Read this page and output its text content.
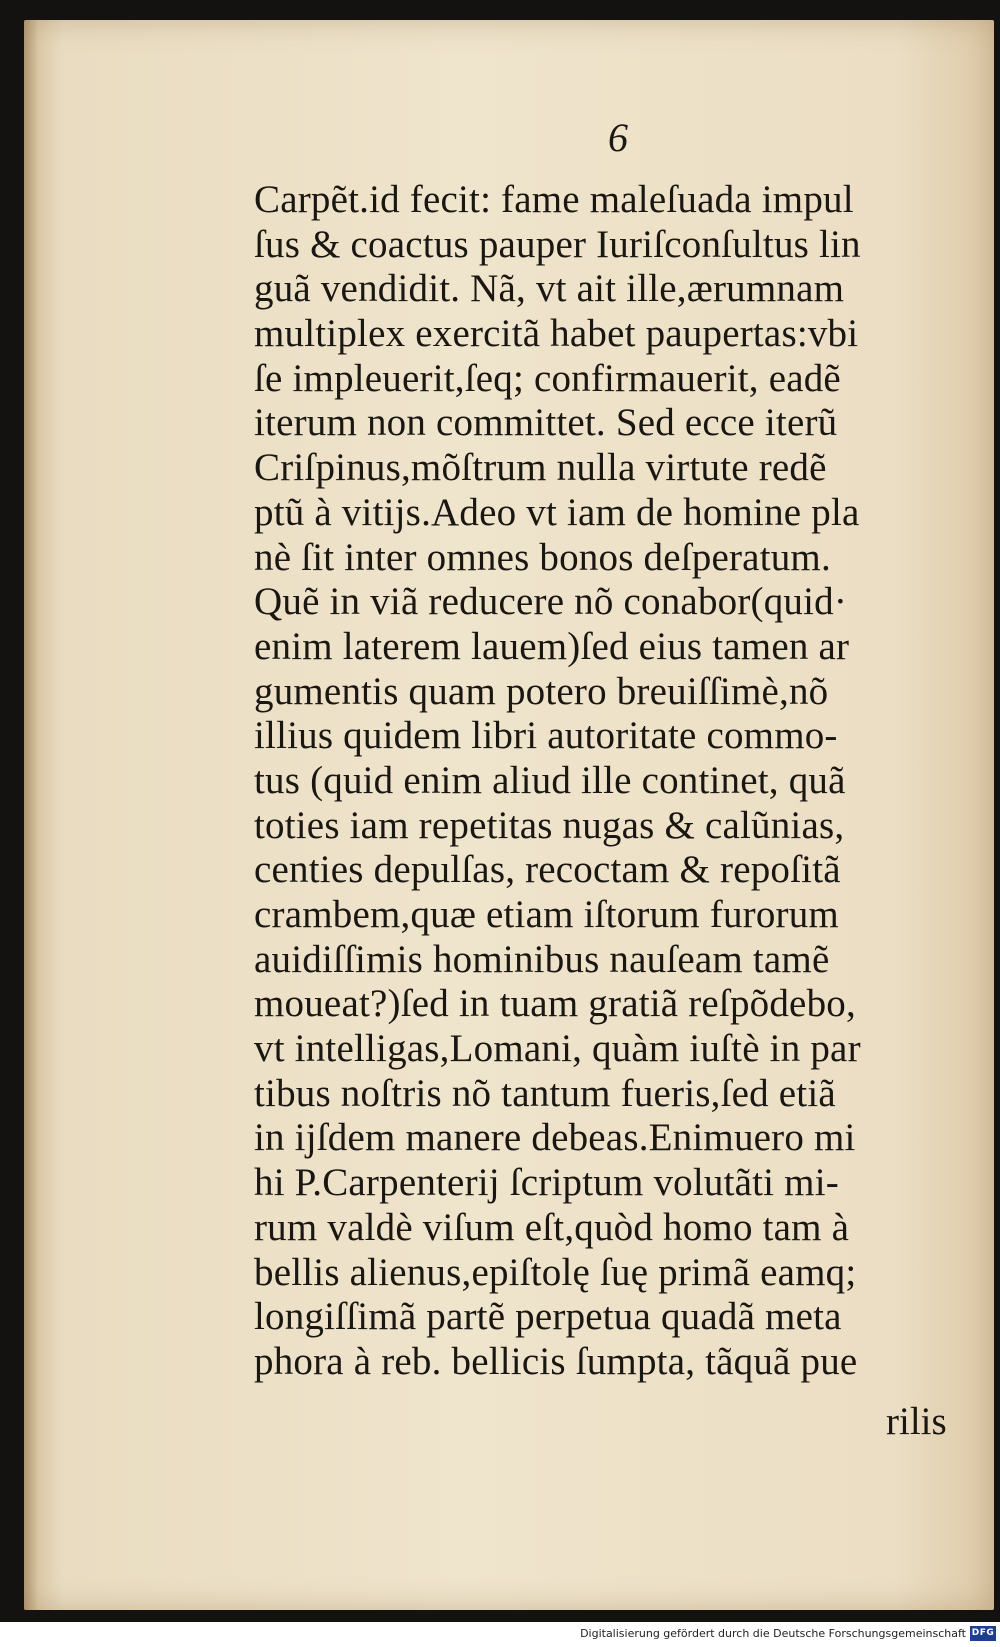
6
Carpẽt.id fecit: fame maleſuada impul
ſus & coactus pauper Iuriſconſultus lin
guã vendidit. Nã, vt ait ille,ærumnam
multiplex exercitã habet paupertas:vbi
ſe impleuerit,ſeq; confirmauerit, eadẽ
iterum non committet. Sed ecce iterũ
Criſpinus,mõſtrum nulla virtute redẽ
ptũ à vitijs.Adeo vt iam de homine pla
nè ſit inter omnes bonos deſperatum.
Quẽ in viã reducere nõ conabor(quid·
enim laterem lauem)ſed eius tamen ar
gumentis quam potero breuiſſimè,nõ
illius quidem libri autoritate commo-
tus (quid enim aliud ille continet, quã
toties iam repetitas nugas & calũnias,
centies depulſas, recoctam & repoſitã
crambem,quæ etiam iſtorum furorum
auidiſſimis hominibus nauſeam tamẽ
moueat?)ſed in tuam gratiã reſpõdebo,
vt intelligas,Lomani, quàm iuſtè in par
tibus noſtris nõ tantum fueris,ſed etiã
in ijſdem manere debeas.Enimuero mi
hi P.Carpenterij ſcriptum volutãti mi-
rum valdè viſum eſt,quòd homo tam à
bellis alienus,epiſtolę ſuę primã eamq;
longiſſimã partẽ perpetua quadã meta
phora à reb. bellicis ſumpta, tãquã pue
rilis
Digitalisierung gefördert durch die Deutsche Forschungsgemeinschaft DFG
